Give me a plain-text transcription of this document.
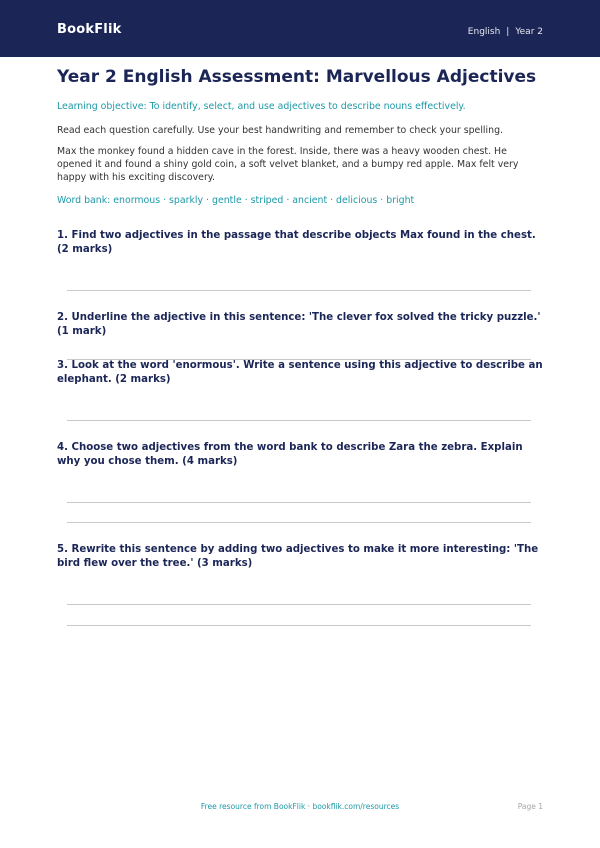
BookFlik	English | Year 2
Year 2 English Assessment: Marvellous Adjectives

Learning objective: To identify, select, and use adjectives to describe nouns effectively.

Read each question carefully. Use your best handwriting and remember to check your spelling.

Max the monkey found a hidden cave in the forest. Inside, there was a heavy wooden chest. He opened it and found a shiny gold coin, a soft velvet blanket, and a bumpy red apple. Max felt very happy with his exciting discovery.

Word bank: enormous · sparkly · gentle · striped · ancient · delicious · bright

1. Find two adjectives in the passage that describe objects Max found in the chest. (2 marks)

2. Underline the adjective in this sentence: 'The clever fox solved the tricky puzzle.' (1 mark)

3. Look at the word 'enormous'. Write a sentence using this adjective to describe an elephant. (2 marks)

4. Choose two adjectives from the word bank to describe Zara the zebra. Explain why you chose them. (4 marks)

5. Rewrite this sentence by adding two adjectives to make it more interesting: 'The bird flew over the tree.' (3 marks)

Free resource from BookFlik · bookflik.com/resources	Page 1
